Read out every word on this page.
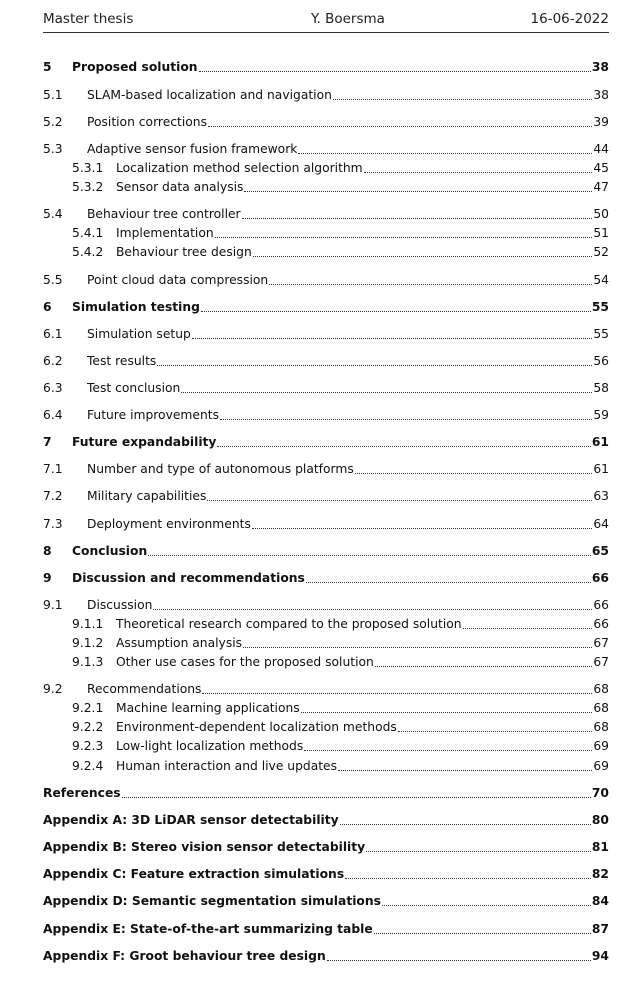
Master thesis	Y. Boersma	16-06-2022
5	Proposed solution	38
5.1	SLAM-based localization and navigation	38
5.2	Position corrections	39
5.3	Adaptive sensor fusion framework	44
5.3.1	Localization method selection algorithm	45
5.3.2	Sensor data analysis	47
5.4	Behaviour tree controller	50
5.4.1	Implementation	51
5.4.2	Behaviour tree design	52
5.5	Point cloud data compression	54
6	Simulation testing	55
6.1	Simulation setup	55
6.2	Test results	56
6.3	Test conclusion	58
6.4	Future improvements	59
7	Future expandability	61
7.1	Number and type of autonomous platforms	61
7.2	Military capabilities	63
7.3	Deployment environments	64
8	Conclusion	65
9	Discussion and recommendations	66
9.1	Discussion	66
9.1.1	Theoretical research compared to the proposed solution	66
9.1.2	Assumption analysis	67
9.1.3	Other use cases for the proposed solution	67
9.2	Recommendations	68
9.2.1	Machine learning applications	68
9.2.2	Environment-dependent localization methods	68
9.2.3	Low-light localization methods	69
9.2.4	Human interaction and live updates	69
References	70
Appendix A: 3D LiDAR sensor detectability	80
Appendix B: Stereo vision sensor detectability	81
Appendix C: Feature extraction simulations	82
Appendix D: Semantic segmentation simulations	84
Appendix E: State-of-the-art summarizing table	87
Appendix F: Groot behaviour tree design	94
